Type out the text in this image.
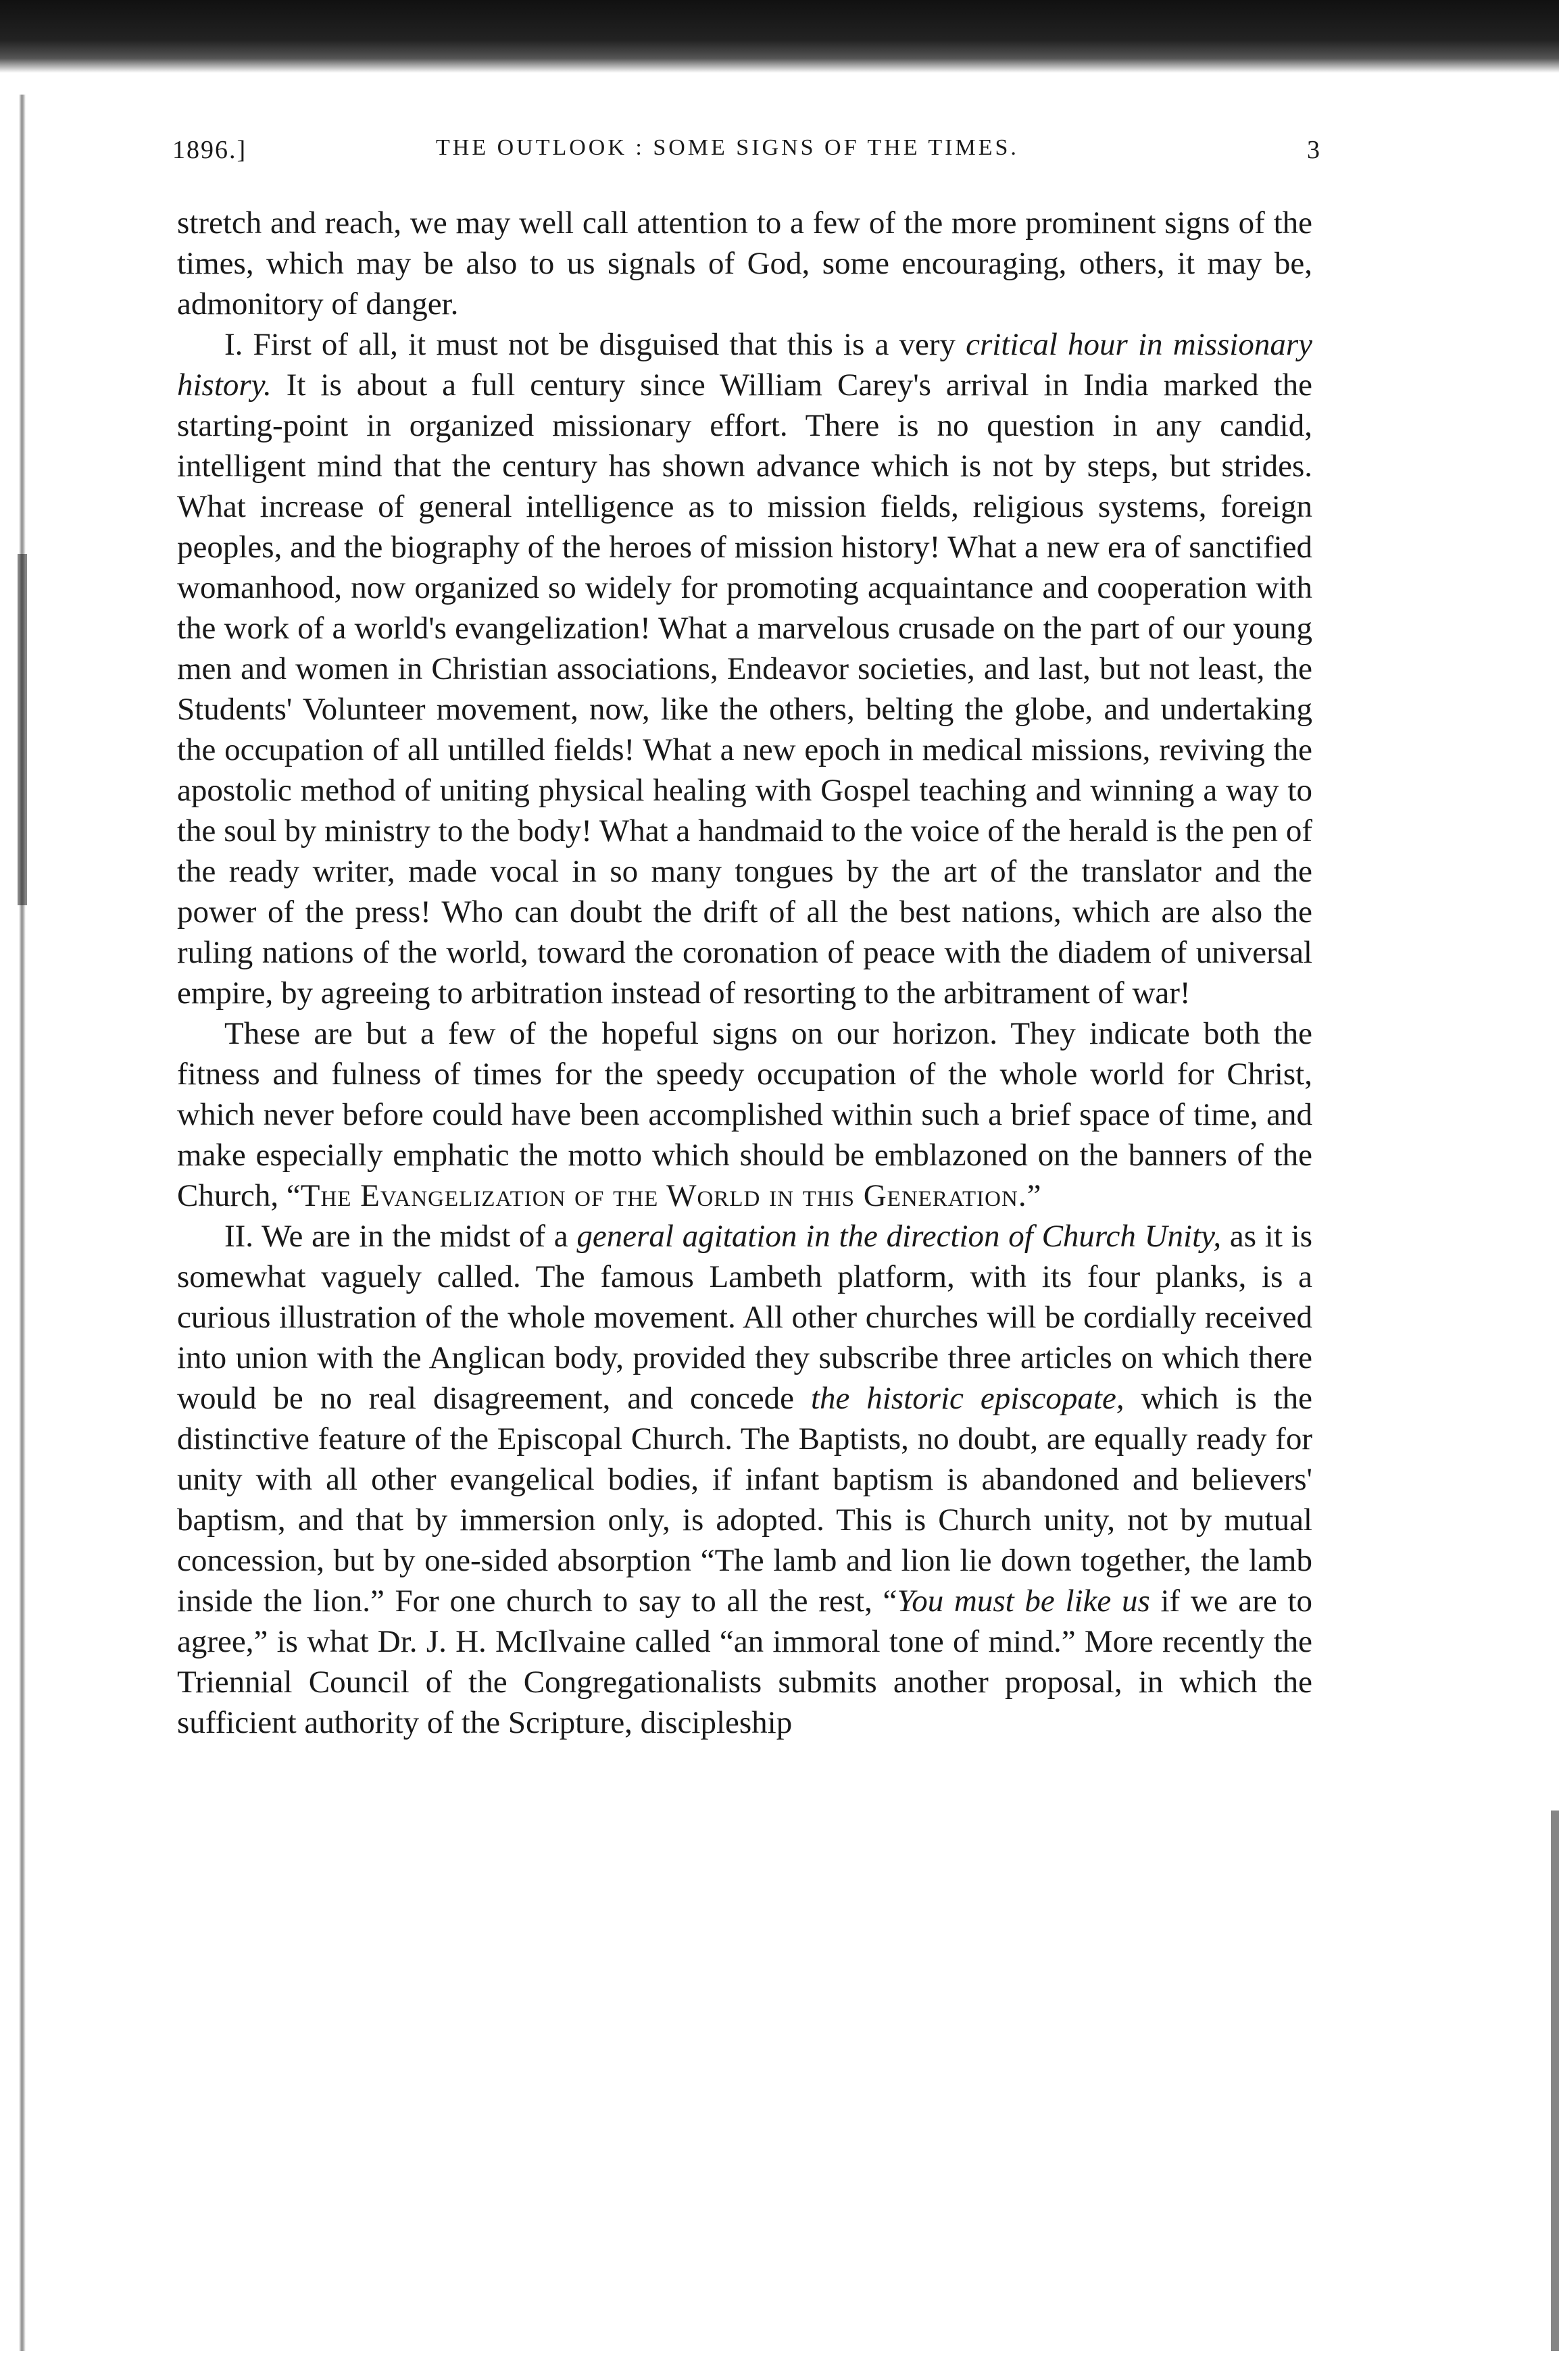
1896.]	THE OUTLOOK : SOME SIGNS OF THE TIMES.	3

stretch and reach, we may well call attention to a few of the more prominent signs of the times, which may be also to us signals of God, some encouraging, others, it may be, admonitory of danger.

I. First of all, it must not be disguised that this is a very critical hour in missionary history. It is about a full century since William Carey's arrival in India marked the starting-point in organized missionary effort. There is no question in any candid, intelligent mind that the century has shown advance which is not by steps, but strides. What increase of general intelligence as to mission fields, religious systems, foreign peoples, and the biography of the heroes of mission history! What a new era of sanctified womanhood, now organized so widely for promoting acquaintance and cooperation with the work of a world's evangelization! What a marvelous crusade on the part of our young men and women in Christian associations, Endeavor societies, and last, but not least, the Students' Volunteer movement, now, like the others, belting the globe, and undertaking the occupation of all untilled fields! What a new epoch in medical missions, reviving the apostolic method of uniting physical healing with Gospel teaching and winning a way to the soul by ministry to the body! What a handmaid to the voice of the herald is the pen of the ready writer, made vocal in so many tongues by the art of the translator and the power of the press! Who can doubt the drift of all the best nations, which are also the ruling nations of the world, toward the coronation of peace with the diadem of universal empire, by agreeing to arbitration instead of resorting to the arbitrament of war!

These are but a few of the hopeful signs on our horizon. They indicate both the fitness and fulness of times for the speedy occupation of the whole world for Christ, which never before could have been accomplished within such a brief space of time, and make especially emphatic the motto which should be emblazoned on the banners of the Church, “The Evangelization of the World in this Generation.”

II. We are in the midst of a general agitation in the direction of Church Unity, as it is somewhat vaguely called. The famous Lambeth platform, with its four planks, is a curious illustration of the whole movement. All other churches will be cordially received into union with the Anglican body, provided they subscribe three articles on which there would be no real disagreement, and concede the historic episcopate, which is the distinctive feature of the Episcopal Church. The Baptists, no doubt, are equally ready for unity with all other evangelical bodies, if infant baptism is abandoned and believers' baptism, and that by immersion only, is adopted. This is Church unity, not by mutual concession, but by one-sided absorption “The lamb and lion lie down together, the lamb inside the lion.” For one church to say to all the rest, “You must be like us if we are to agree,” is what Dr. J. H. McIlvaine called “an immoral tone of mind.” More recently the Triennial Council of the Congregationalists submits another proposal, in which the sufficient authority of the Scripture, discipleship
